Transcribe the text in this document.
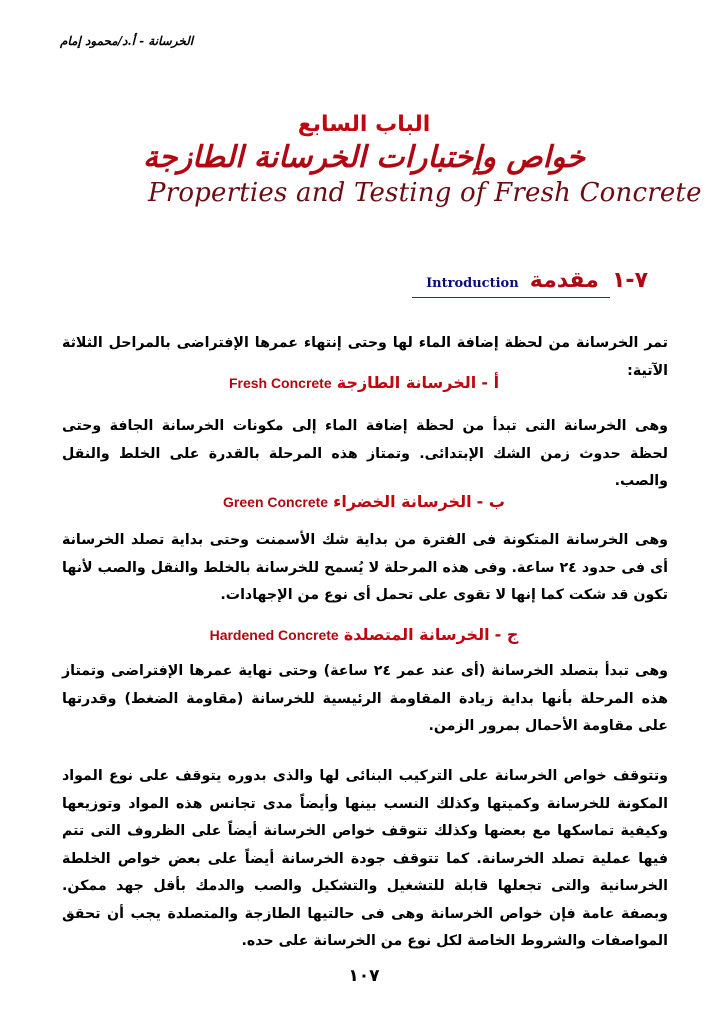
الخرسانة - أ.د/محمود إمام
الباب السابع
خواص وإختبارات الخرسانة الطازجة
Properties and Testing of Fresh Concrete
٧-١ مقدمة Introduction
تمر الخرسانة من لحظة إضافة الماء لها وحتى إنتهاء عمرها الإفتراضى بالمراحل الثلاثة الآتية:
أ - الخرسانة الطازجة Fresh Concrete
وهى الخرسانة التى تبدأ من لحظة إضافة الماء إلى مكونات الخرسانة الجافة وحتى لحظة حدوث زمن الشك الإبتدائى. وتمتاز هذه المرحلة بالقدرة على الخلط والنقل والصب.
ب - الخرسانة الخضراء Green Concrete
وهى الخرسانة المتكونة فى الفترة من بداية شك الأسمنت وحتى بداية تصلد الخرسانة أى فى حدود ٢٤ ساعة. وفى هذه المرحلة لا يُسمح للخرسانة بالخلط والنقل والصب لأنها تكون قد شكت كما إنها لا تقوى على تحمل أى نوع من الإجهادات.
ج - الخرسانة المتصلدة Hardened Concrete
وهى تبدأ بتصلد الخرسانة (أى عند عمر ٢٤ ساعة) وحتى نهاية عمرها الإفتراضى وتمتاز هذه المرحلة بأنها بداية زيادة المقاومة الرئيسية للخرسانة (مقاومة الضغط) وقدرتها على مقاومة الأحمال بمرور الزمن.
وتتوقف خواص الخرسانة على التركيب البنائى لها والذى بدوره يتوقف على نوع المواد المكونة للخرسانة وكميتها وكذلك النسب بينها وأيضاً مدى تجانس هذه المواد وتوزيعها وكيفية تماسكها مع بعضها وكذلك تتوقف خواص الخرسانة أيضاً على الظروف التى تتم فيها عملية تصلد الخرسانة. كما تتوقف جودة الخرسانة أيضاً على بعض خواص الخلطة الخرسانية والتى تجعلها قابلة للتشغيل والتشكيل والصب والدمك بأقل جهد ممكن. وبصفة عامة فإن خواص الخرسانة وهى فى حالتيها الطازجة والمتصلدة يجب أن تحقق المواصفات والشروط الخاصة لكل نوع من الخرسانة على حده.
١٠٧
